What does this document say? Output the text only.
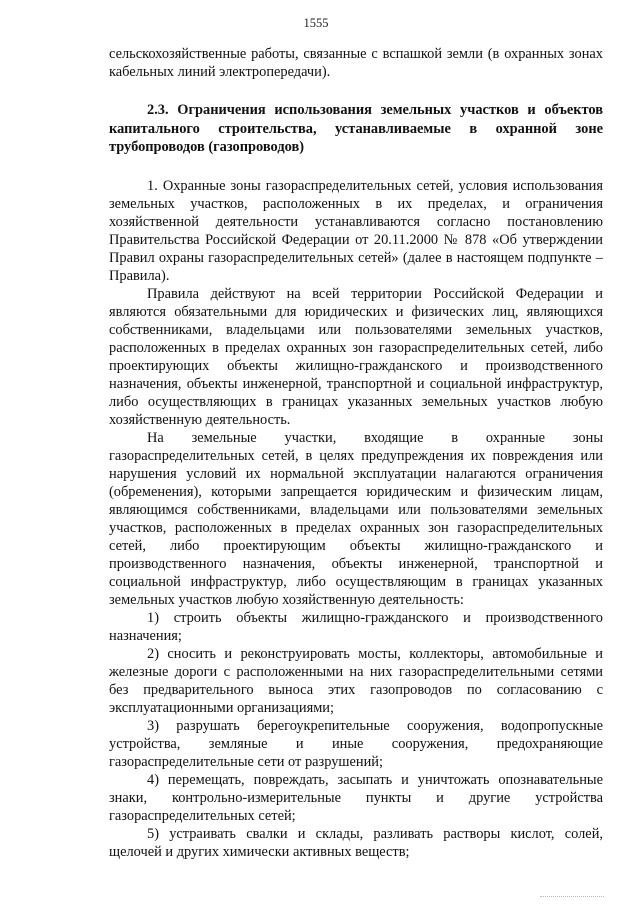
1555

сельскохозяйственные работы, связанные с вспашкой земли (в охранных зонах кабельных линий электропередачи).

2.3. Ограничения использования земельных участков и объектов капитального строительства, устанавливаемые в охранной зоне трубопроводов (газопроводов)

1. Охранные зоны газораспределительных сетей, условия использования земельных участков, расположенных в их пределах, и ограничения хозяйственной деятельности устанавливаются согласно постановлению Правительства Российской Федерации от 20.11.2000 № 878 «Об утверждении Правил охраны газораспределительных сетей» (далее в настоящем подпункте – Правила).

Правила действуют на всей территории Российской Федерации и являются обязательными для юридических и физических лиц, являющихся собственниками, владельцами или пользователями земельных участков, расположенных в пределах охранных зон газораспределительных сетей, либо проектирующих объекты жилищно-гражданского и производственного назначения, объекты инженерной, транспортной и социальной инфраструктур, либо осуществляющих в границах указанных земельных участков любую хозяйственную деятельность.

На земельные участки, входящие в охранные зоны газораспределительных сетей, в целях предупреждения их повреждения или нарушения условий их нормальной эксплуатации налагаются ограничения (обременения), которыми запрещается юридическим и физическим лицам, являющимся собственниками, владельцами или пользователями земельных участков, расположенных в пределах охранных зон газораспределительных сетей, либо проектирующим объекты жилищно-гражданского и производственного назначения, объекты инженерной, транспортной и социальной инфраструктур, либо осуществляющим в границах указанных земельных участков любую хозяйственную деятельность:

1) строить объекты жилищно-гражданского и производственного назначения;

2) сносить и реконструировать мосты, коллекторы, автомобильные и железные дороги с расположенными на них газораспределительными сетями без предварительного выноса этих газопроводов по согласованию с эксплуатационными организациями;

3) разрушать берегоукрепительные сооружения, водопропускные устройства, земляные и иные сооружения, предохраняющие газораспределительные сети от разрушений;

4) перемещать, повреждать, засыпать и уничтожать опознавательные знаки, контрольно-измерительные пункты и другие устройства газораспределительных сетей;

5) устраивать свалки и склады, разливать растворы кислот, солей, щелочей и других химически активных веществ;
